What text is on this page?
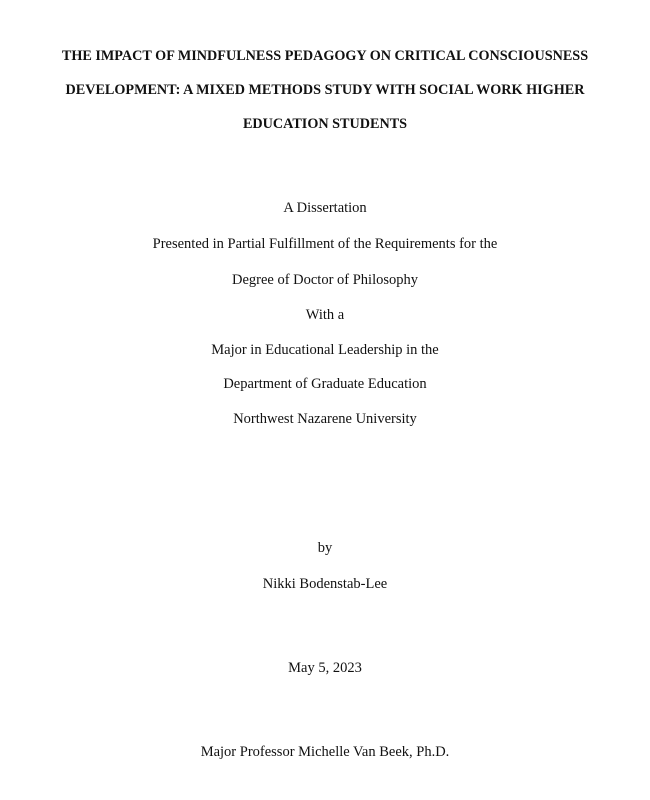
THE IMPACT OF MINDFULNESS PEDAGOGY ON CRITICAL CONSCIOUSNESS
DEVELOPMENT: A MIXED METHODS STUDY WITH SOCIAL WORK HIGHER
EDUCATION STUDENTS
A Dissertation
Presented in Partial Fulfillment of the Requirements for the
Degree of Doctor of Philosophy
With a
Major in Educational Leadership in the
Department of Graduate Education
Northwest Nazarene University
by
Nikki Bodenstab-Lee
May 5, 2023
Major Professor Michelle Van Beek, Ph.D.
